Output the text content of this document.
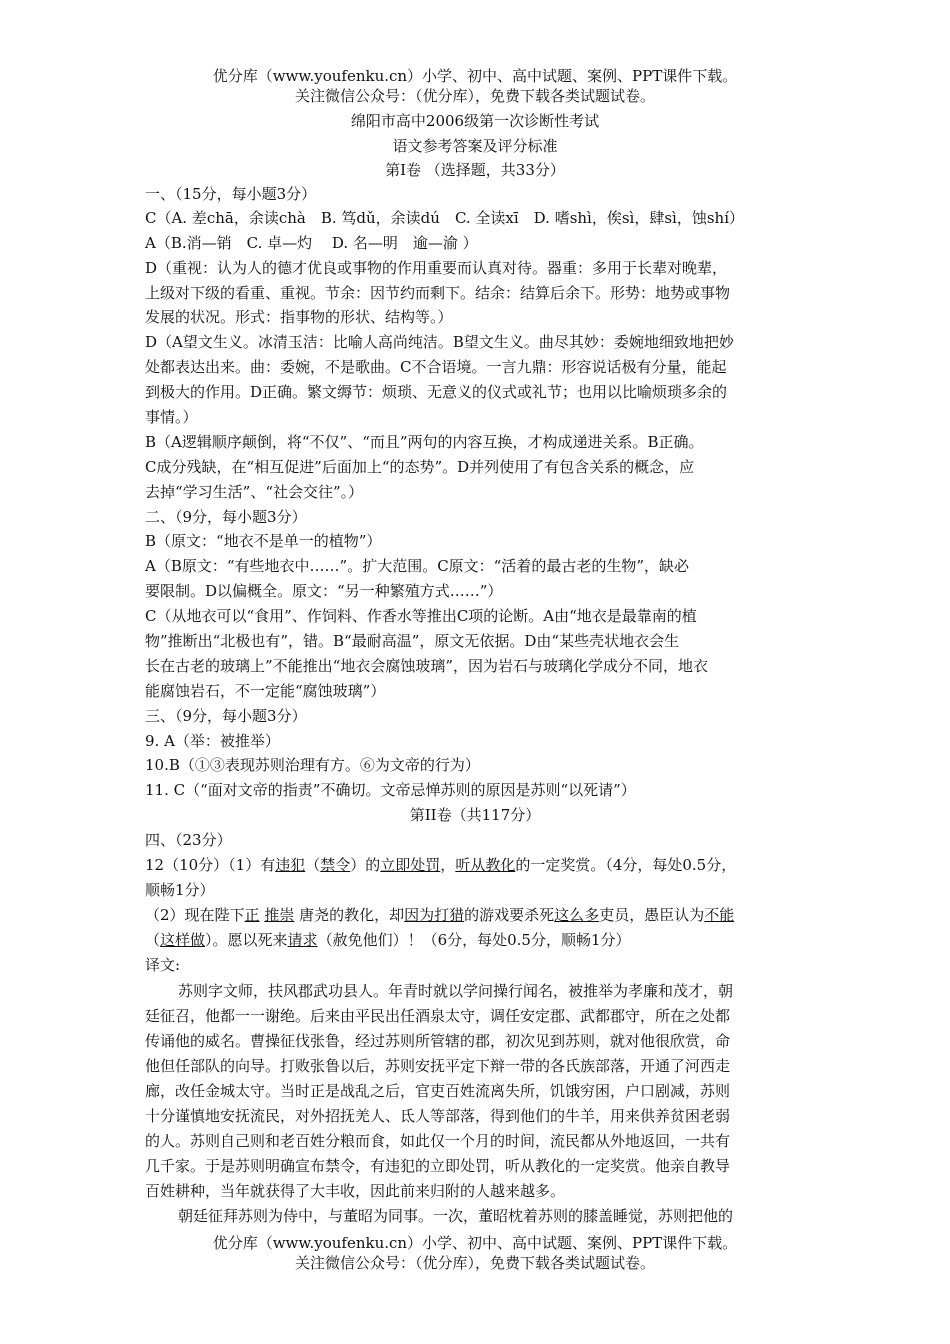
优分库（www.youfenku.cn）小学、初中、高中试题、案例、PPT课件下载。
关注微信公众号：（优分库），免费下载各类试题试卷。
绵阳市高中2006级第一次诊断性考试
语文参考答案及评分标准
第I卷 （选择题，共33分）
一、（15分，每小题3分）
C（A. 差chā，余读chà　B. 笃dǔ，余读dú　C. 全读xī　D. 嗜shì，俟sì，肆sì，蚀shí）
A（B.消—销　C. 卓—灼　 D. 名—明　逾—渝 ）
D（重视：认为人的德才优良或事物的作用重要而认真对待。器重：多用于长辈对晚辈，
上级对下级的看重、重视。节余：因节约而剩下。结余：结算后余下。形势：地势或事物
发展的状况。形式：指事物的形状、结构等。）
D（A望文生义。冰清玉洁：比喻人高尚纯洁。B望文生义。曲尽其妙：委婉地细致地把妙
处都表达出来。曲：委婉，不是歌曲。C不合语境。一言九鼎：形容说话极有分量，能起
到极大的作用。D正确。繁文缛节：烦琐、无意义的仪式或礼节；也用以比喻烦琐多余的
事情。）
B（A逻辑顺序颠倒，将“不仅”、“而且”两句的内容互换，才构成递进关系。B正确。
C成分残缺，在“相互促进”后面加上“的态势”。D并列使用了有包含关系的概念，应
去掉“学习生活”、“社会交往”。）
二、（9分，每小题3分）
B（原文：“地衣不是单一的植物”）
A（B原文：“有些地衣中……”。扩大范围。C原文：“活着的最古老的生物”，缺必
要限制。D以偏概全。原文：“另一种繁殖方式……”）
C（从地衣可以“食用”、作饲料、作香水等推出C项的论断。A由“地衣是最靠南的植
物”推断出“北极也有”，错。B“最耐高温”，原文无依据。D由“某些壳状地衣会生
长在古老的玻璃上”不能推出“地衣会腐蚀玻璃”，因为岩石与玻璃化学成分不同，地衣
能腐蚀岩石，不一定能“腐蚀玻璃”）
三、（9分，每小题3分）
9. A（举：被推举）
10.B（①③表现苏则治理有方。⑥为文帝的行为）
11. C（“面对文帝的指责”不确切。文帝忌惮苏则的原因是苏则“以死请”）
第II卷（共117分）
四、（23分）
12（10分）（1）有违犯（禁令）的立即处罚，听从教化的一定奖赏。（4分，每处0.5分，
顺畅1分）
（2）现在陛下正 推崇 唐尧的教化，却因为打猎的游戏要杀死这么多吏员，愚臣认为不能
（这样做）。愿以死来请求（赦免他们）！（6分，每处0.5分，顺畅1分）
译文:
苏则字文师，扶风郡武功县人。年青时就以学问操行闻名，被推举为孝廉和茂才，朝
廷征召，他都一一谢绝。后来由平民出任酒泉太守，调任安定郡、武都郡守，所在之处都
传诵他的威名。曹操征伐张鲁，经过苏则所管辖的郡，初次见到苏则，就对他很欣赏，命
他但任部队的向导。打败张鲁以后，苏则安抚平定下辩一带的各氏族部落，开通了河西走
廊，改任金城太守。当时正是战乱之后，官吏百姓流离失所，饥饿穷困，户口剧减，苏则
十分谨慎地安抚流民，对外招抚羌人、氐人等部落，得到他们的牛羊，用来供养贫困老弱
的人。苏则自己则和老百姓分粮而食，如此仅一个月的时间，流民都从外地返回，一共有
几千家。于是苏则明确宣布禁令，有违犯的立即处罚，听从教化的一定奖赏。他亲自教导
百姓耕种，当年就获得了大丰收，因此前来归附的人越来越多。
朝廷征拜苏则为侍中，与董昭为同事。一次，董昭枕着苏则的膝盖睡觉，苏则把他的
优分库（www.youfenku.cn）小学、初中、高中试题、案例、PPT课件下载。
关注微信公众号：（优分库），免费下载各类试题试卷。
